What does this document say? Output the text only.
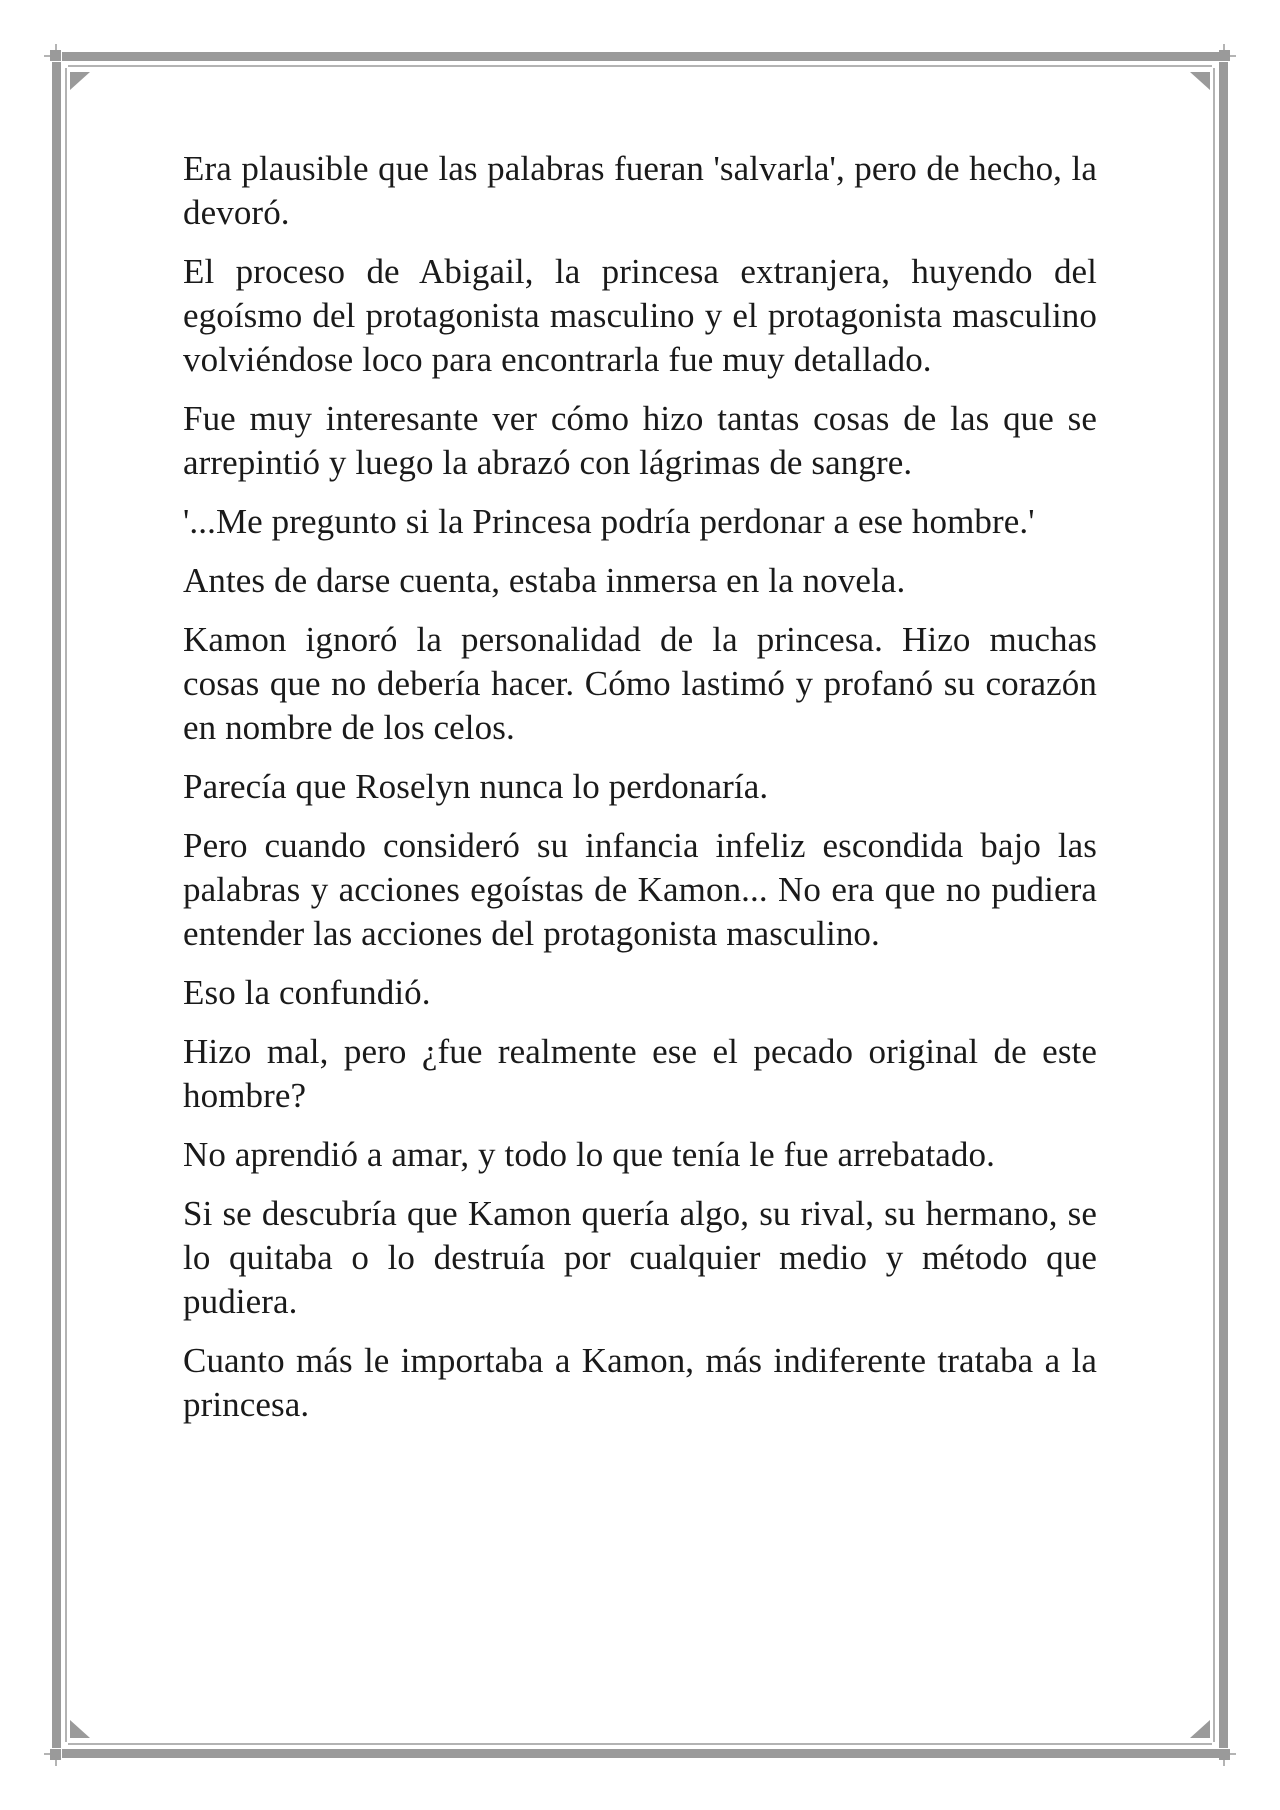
Era plausible que las palabras fueran 'salvarla', pero de hecho, la devoró.

El proceso de Abigail, la princesa extranjera, huyendo del egoísmo del protagonista masculino y el protagonista masculino volviéndose loco para encontrarla fue muy detallado.

Fue muy interesante ver cómo hizo tantas cosas de las que se arrepintió y luego la abrazó con lágrimas de sangre.

'...Me pregunto si la Princesa podría perdonar a ese hombre.'

Antes de darse cuenta, estaba inmersa en la novela.

Kamon ignoró la personalidad de la princesa. Hizo muchas cosas que no debería hacer. Cómo lastimó y profanó su corazón en nombre de los celos.

Parecía que Roselyn nunca lo perdonaría.

Pero cuando consideró su infancia infeliz escondida bajo las palabras y acciones egoístas de Kamon... No era que no pudiera entender las acciones del protagonista masculino.

Eso la confundió.

Hizo mal, pero ¿fue realmente ese el pecado original de este hombre?

No aprendió a amar, y todo lo que tenía le fue arrebatado.

Si se descubría que Kamon quería algo, su rival, su hermano, se lo quitaba o lo destruía por cualquier medio y método que pudiera.

Cuanto más le importaba a Kamon, más indiferente trataba a la princesa.
